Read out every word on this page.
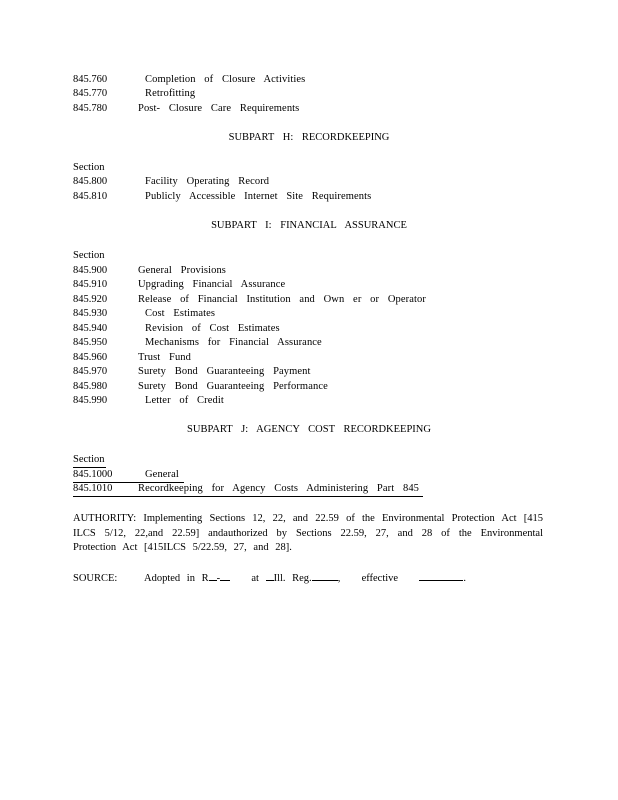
845.760	Completion of Closure Activities
845.770	Retrofitting
845.780	Post- Closure Care Requirements
SUBPART H: RECORDKEEPING
Section
845.800	Facility Operating Record
845.810	Publicly Accessible Internet Site Requirements
SUBPART I: FINANCIAL ASSURANCE
Section
845.900	General Provisions
845.910	Upgrading Financial Assurance
845.920	Release of Financial Institution and Own er or Operator
845.930	Cost Estimates
845.940	Revision of Cost Estimates
845.950	Mechanisms for Financial Assurance
845.960	Trust Fund
845.970	Surety Bond Guaranteeing Payment
845.980	Surety Bond Guaranteeing Performance
845.990	Letter of Credit
SUBPART J: AGENCY COST RECORDKEEPING
Section
845.1000	General
845.1010 Recordkeeping for Agency Costs Administering Part 845
AUTHORITY: Implementing Sections 12, 22, and 22.59 of the Environmental Protection Act [415 ILCS 5/12, 22,and 22.59] andauthorized by Sections 22.59, 27, and 28 of the Environmental Protection Act [415ILCS 5/22.59, 27, and 28].
SOURCE:	Adopted in R -	at Ill. Reg. ,  effective	.
